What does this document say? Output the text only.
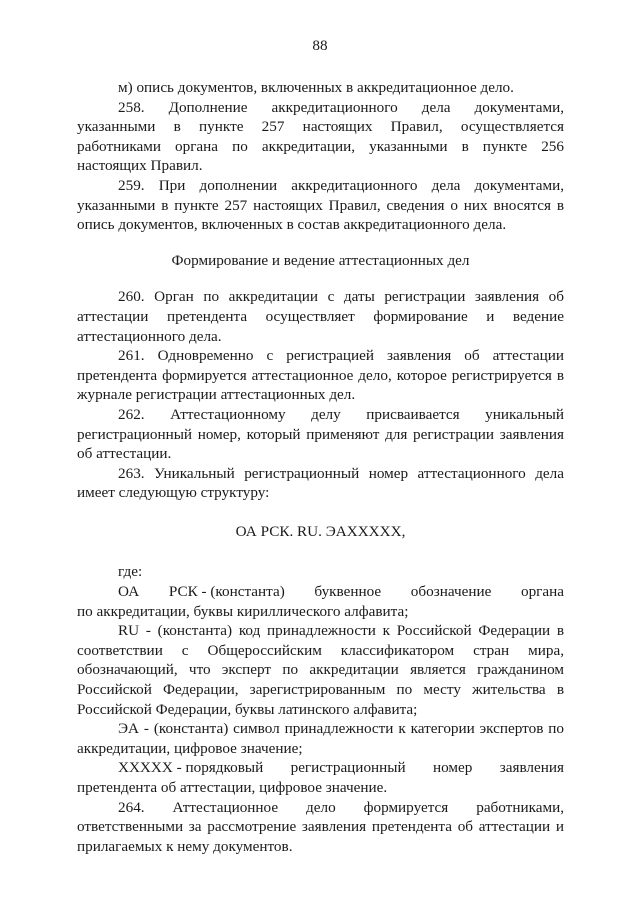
88

м) опись документов, включенных в аккредитационное дело.

258. Дополнение аккредитационного дела документами, указанными в пункте 257 настоящих Правил, осуществляется работниками органа по аккредитации, указанными в пункте 256 настоящих Правил.

259. При дополнении аккредитационного дела документами, указанными в пункте 257 настоящих Правил, сведения о них вносятся в опись документов, включенных в состав аккредитационного дела.

Формирование и ведение аттестационных дел

260. Орган по аккредитации с даты регистрации заявления об аттестации претендента осуществляет формирование и ведение аттестационного дела.

261. Одновременно с регистрацией заявления об аттестации претендента формируется аттестационное дело, которое регистрируется в журнале регистрации аттестационных дел.

262. Аттестационному делу присваивается уникальный регистрационный номер, который применяют для регистрации заявления об аттестации.

263. Уникальный регистрационный номер аттестационного дела имеет следующую структуру:

ОА РСК. RU. ЭАXXXXX,

где:

ОА РСК - (константа) буквенное обозначение органа

по аккредитации, буквы кириллического алфавита;

RU - (константа) код принадлежности к Российской Федерации в соответствии с Общероссийским классификатором стран мира, обозначающий, что эксперт по аккредитации является гражданином Российской Федерации, зарегистрированным по месту жительства в Российской Федерации, буквы латинского алфавита;

ЭА - (константа) символ принадлежности к категории экспертов по аккредитации, цифровое значение;

XXXXX - порядковый регистрационный номер заявления

претендента об аттестации, цифровое значение.

264. Аттестационное дело формируется работниками, ответственными за рассмотрение заявления претендента об аттестации и прилагаемых к нему документов.
